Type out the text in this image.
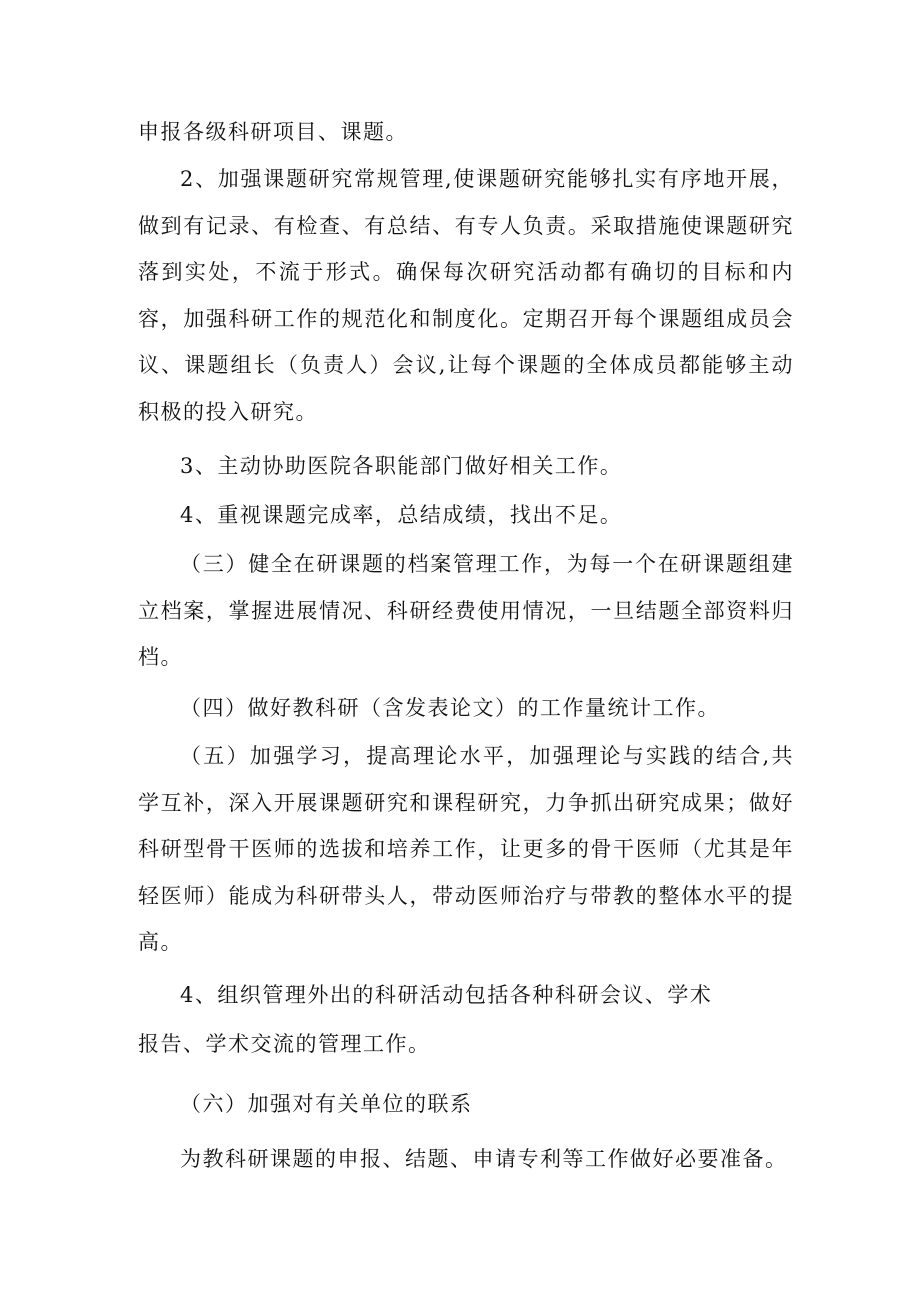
申报各级科研项目、课题。

2、加强课题研究常规管理,使课题研究能够扎实有序地开展，做到有记录、有检查、有总结、有专人负责。采取措施使课题研究落到实处，不流于形式。确保每次研究活动都有确切的目标和内容，加强科研工作的规范化和制度化。定期召开每个课题组成员会议、课题组长（负责人）会议,让每个课题的全体成员都能够主动积极的投入研究。

3、主动协助医院各职能部门做好相关工作。

4、重视课题完成率，总结成绩，找出不足。

（三）健全在研课题的档案管理工作，为每一个在研课题组建立档案，掌握进展情况、科研经费使用情况，一旦结题全部资料归档。

（四）做好教科研（含发表论文）的工作量统计工作。

（五）加强学习，提高理论水平，加强理论与实践的结合,共学互补，深入开展课题研究和课程研究，力争抓出研究成果；做好科研型骨干医师的选拔和培养工作，让更多的骨干医师（尤其是年轻医师）能成为科研带头人，带动医师治疗与带教的整体水平的提高。

4、组织管理外出的科研活动包括各种科研会议、学术

报告、学术交流的管理工作。

（六）加强对有关单位的联系

为教科研课题的申报、结题、申请专利等工作做好必要准备。
